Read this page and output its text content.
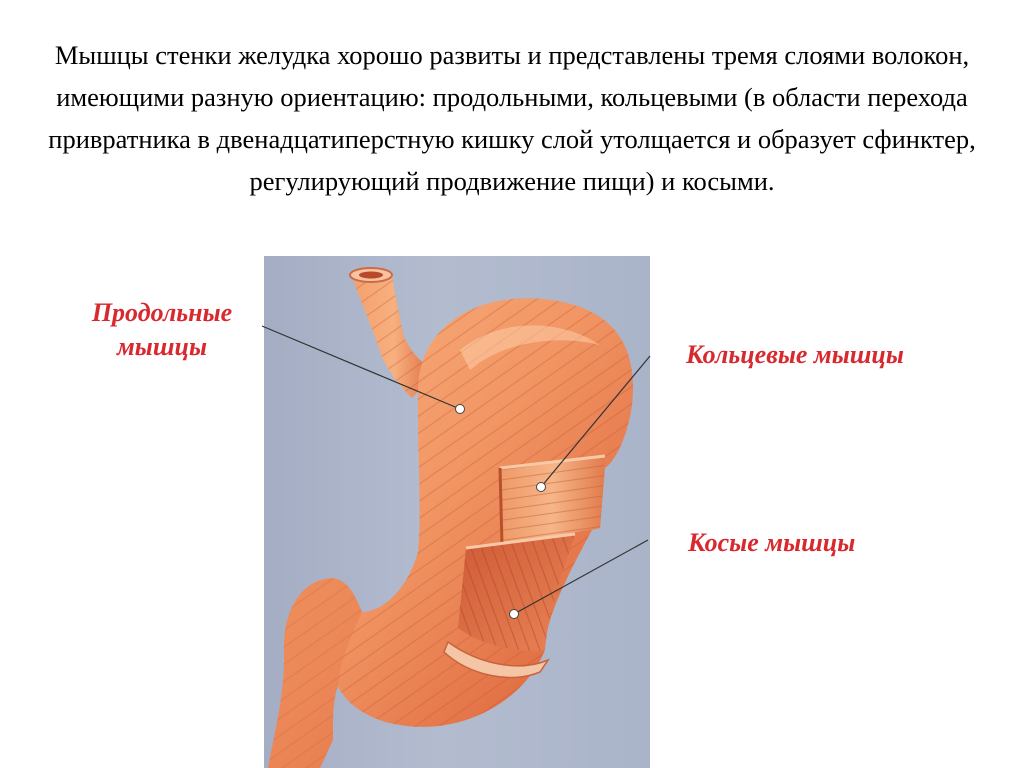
Мышцы стенки желудка хорошо развиты и представлены тремя слоями волокон, имеющими разную ориентацию: продольными, кольцевыми (в области перехода привратника в двенадцатиперстную кишку слой утолщается и образует сфинктер, регулирующий продвижение пищи) и косыми.

Продольные мышцы	Кольцевые мышцы

Косые мышцы
